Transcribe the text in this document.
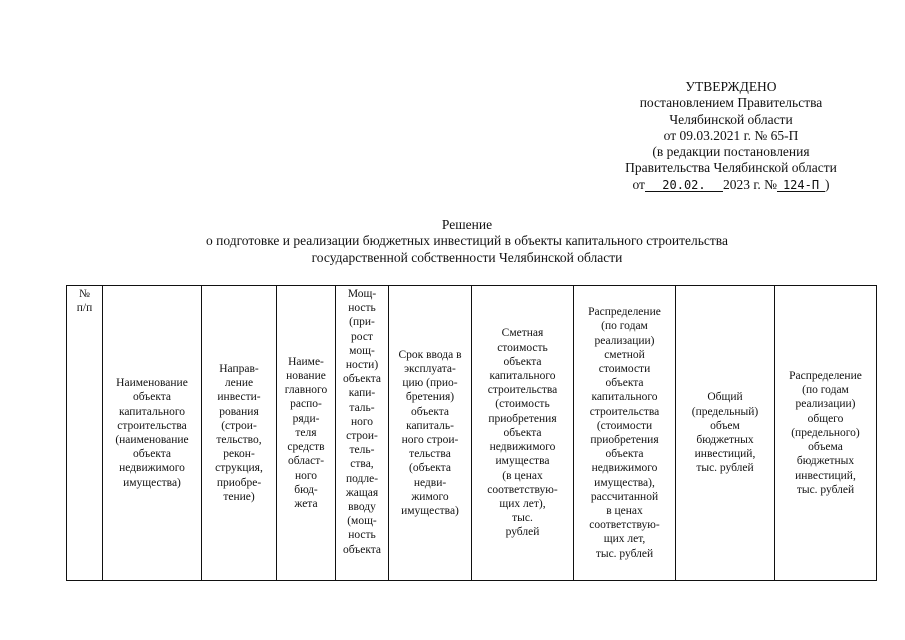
УТВЕРЖДЕНО
постановлением Правительства
Челябинской области
от 09.03.2021 г. № 65-П
(в редакции постановления
Правительства Челябинской области
от 20.02. 2023 г. № 124-П )
Решение
о подготовке и реализации бюджетных инвестиций в объекты капитального строительства
государственной собственности Челябинской области
№
п/п

Наименование
объекта
капитального
строительства
(наименование
объекта
недвижимого
имущества)

Направ-
ление
инвести-
рования
(строи-
тельство,
рекон-
струкция,
приобре-
тение)

Наиме-
нование
главного
распо-
ряди-
теля
средств
област-
ного
бюд-
жета

Мощ-
ность
(при-
рост
мощ-
ности)
объекта
капи-
таль-
ного
строи-
тель-
ства,
подле-
жащая
вводу
(мощ-
ность
объекта

Срок ввода в
эксплуата-
цию (прио-
бретения)
объекта
капиталь-
ного строи-
тельства
(объекта
недви-
жимого
имущества)

Сметная
стоимость
объекта
капитального
строительства
(стоимость
приобретения
объекта
недвижимого
имущества
(в ценах
соответствую-
щих лет),
тыс.
рублей

Распределение
(по годам
реализации)
сметной
стоимости
объекта
капитального
строительства
(стоимости
приобретения
объекта
недвижимого
имущества),
рассчитанной
в ценах
соответствую-
щих лет,
тыс. рублей

Общий
(предельный)
объем
бюджетных
инвестиций,
тыс. рублей

Распределение
(по годам
реализации)
общего
(предельного)
объема
бюджетных
инвестиций,
тыс. рублей
